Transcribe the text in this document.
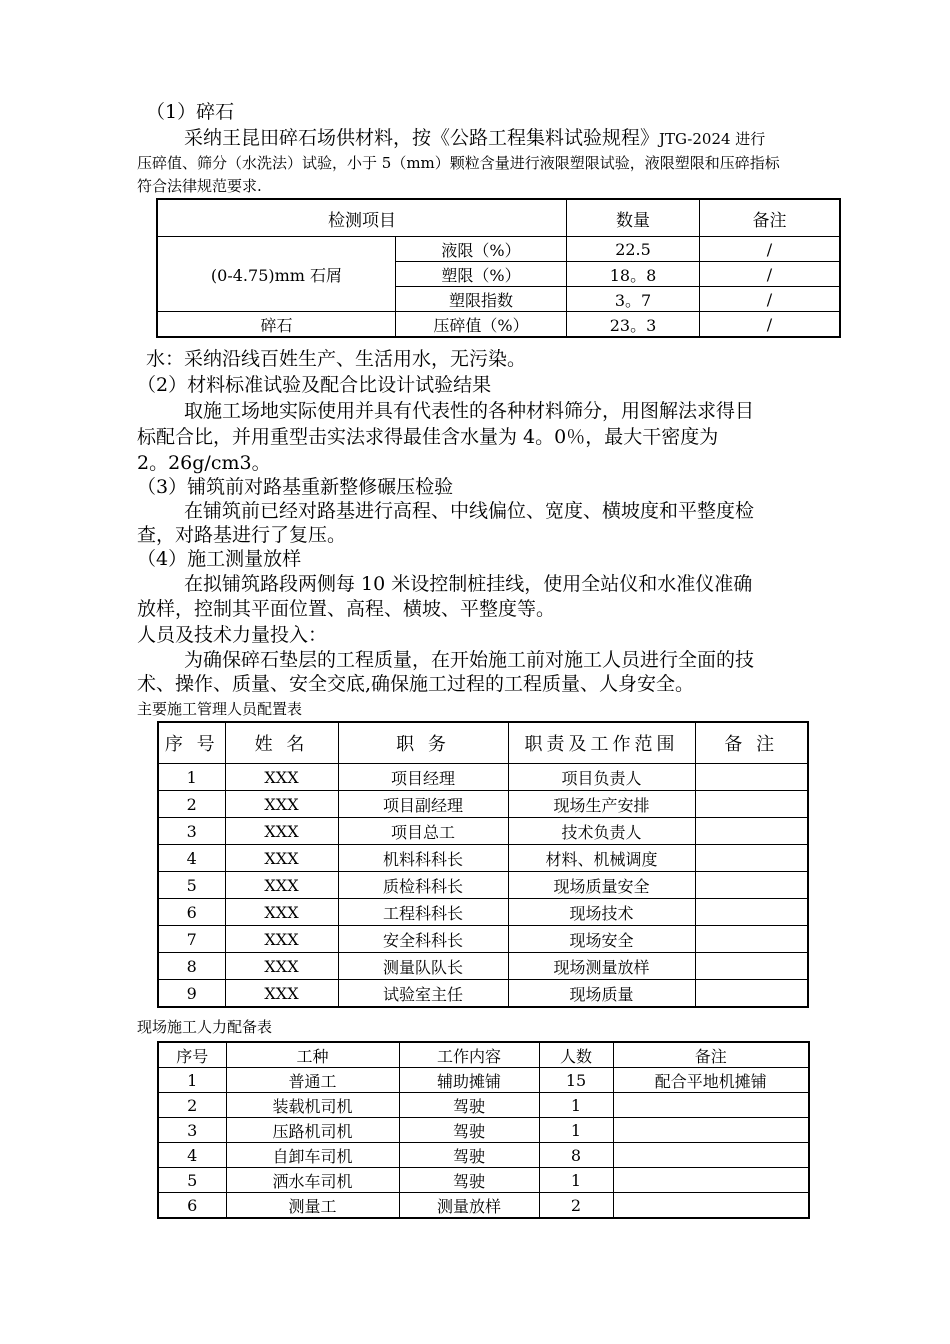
（1）碎石
采纳王昆田碎石场供材料，按《公路工程集料试验规程》JTG-2024 进行
压碎值、筛分（水洗法）试验，小于 5（mm）颗粒含量进行液限塑限试验，液限塑限和压碎指标
符合法律规范要求.
检测项目		数量	备注
(0-4.75)mm 石屑	液限（%）	22.5	/
	塑限（%）	18。8	/
	塑限指数	3。7	/
碎石	压碎值（%）	23。3	/
水：采纳沿线百姓生产、生活用水，无污染。
（2）材料标准试验及配合比设计试验结果
取施工场地实际使用并具有代表性的各种材料筛分，用图解法求得目
标配合比，并用重型击实法求得最佳含水量为 4。0％，最大干密度为
2。26g/cm3。
（3）铺筑前对路基重新整修碾压检验
在铺筑前已经对路基进行高程、中线偏位、宽度、横坡度和平整度检
查，对路基进行了复压。
（4）施工测量放样
在拟铺筑路段两侧每 10 米设控制桩挂线，使用全站仪和水准仪准确
放样，控制其平面位置、高程、横坡、平整度等。
人员及技术力量投入：
为确保碎石垫层的工程质量，在开始施工前对施工人员进行全面的技
术、操作、质量、安全交底,确保施工过程的工程质量、人身安全。
主要施工管理人员配置表
序 号	姓 名	职 务	职责及工作范围	备 注
1	XXX	项目经理	项目负责人	
2	XXX	项目副经理	现场生产安排	
3	XXX	项目总工	技术负责人	
4	XXX	机料科科长	材料、机械调度	
5	XXX	质检科科长	现场质量安全	
6	XXX	工程科科长	现场技术	
7	XXX	安全科科长	现场安全	
8	XXX	测量队队长	现场测量放样	
9	XXX	试验室主任	现场质量	
现场施工人力配备表
序号	工种	工作内容	人数	备注
1	普通工	辅助摊铺	15	配合平地机摊铺
2	装载机司机	驾驶	1	
3	压路机司机	驾驶	1	
4	自卸车司机	驾驶	8	
5	洒水车司机	驾驶	1	
6	测量工	测量放样	2	
